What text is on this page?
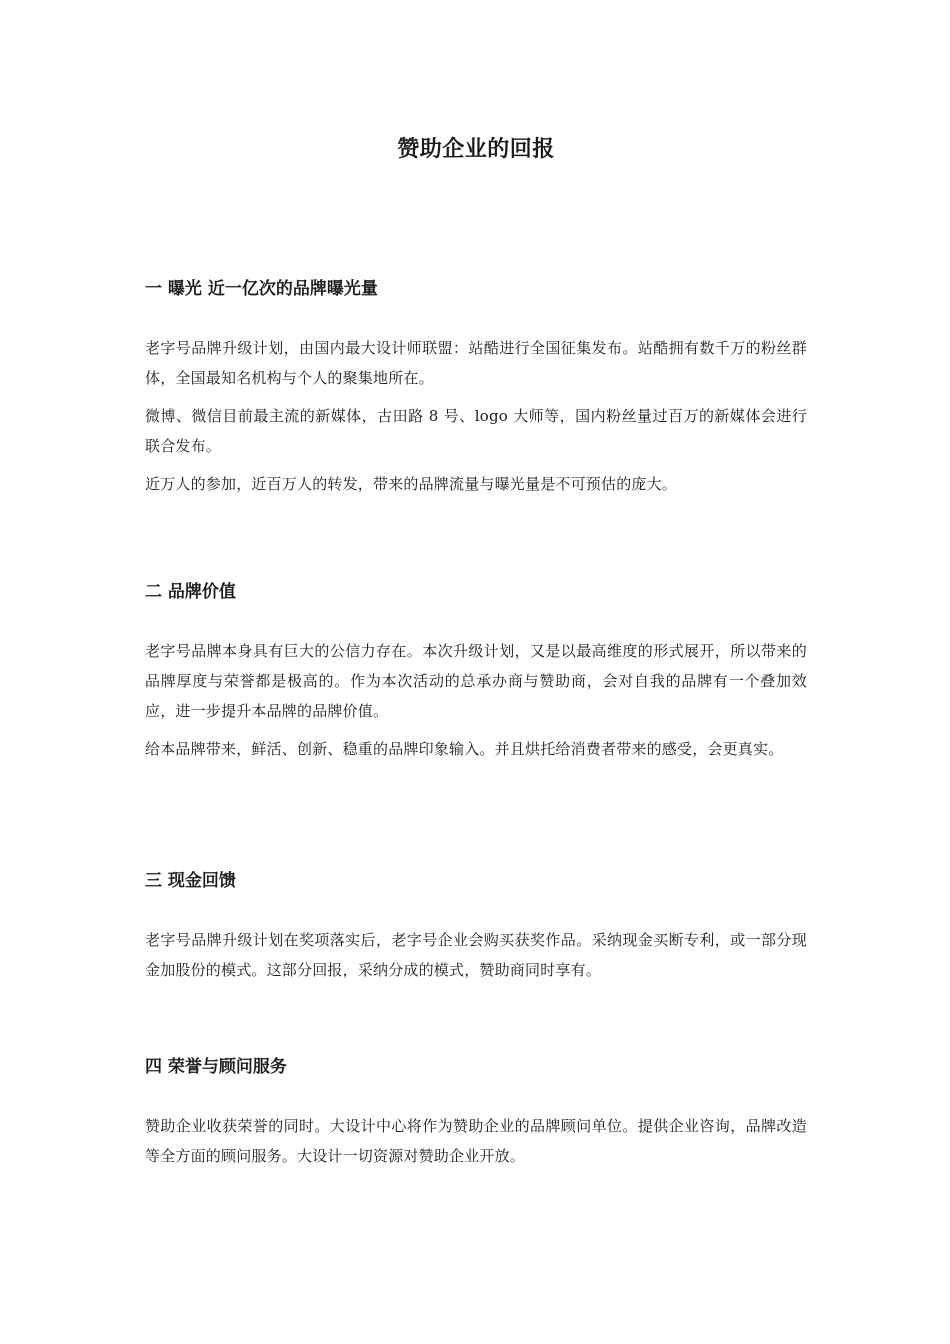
赞助企业的回报
一 曝光 近一亿次的品牌曝光量

老字号品牌升级计划，由国内最大设计师联盟：站酷进行全国征集发布。站酷拥有数千万的粉丝群体，全国最知名机构与个人的聚集地所在。

微博、微信目前最主流的新媒体，古田路 8 号、logo 大师等，国内粉丝量过百万的新媒体会进行联合发布。

近万人的参加，近百万人的转发，带来的品牌流量与曝光量是不可预估的庞大。

二 品牌价值

老字号品牌本身具有巨大的公信力存在。本次升级计划，又是以最高维度的形式展开，所以带来的品牌厚度与荣誉都是极高的。作为本次活动的总承办商与赞助商，会对自我的品牌有一个叠加效应，进一步提升本品牌的品牌价值。

给本品牌带来，鲜活、创新、稳重的品牌印象输入。并且烘托给消费者带来的感受，会更真实。

三 现金回馈

老字号品牌升级计划在奖项落实后，老字号企业会购买获奖作品。采纳现金买断专利，或一部分现金加股份的模式。这部分回报，采纳分成的模式，赞助商同时享有。

四 荣誉与顾问服务

赞助企业收获荣誉的同时。大设计中心将作为赞助企业的品牌顾问单位。提供企业咨询，品牌改造等全方面的顾问服务。大设计一切资源对赞助企业开放。
